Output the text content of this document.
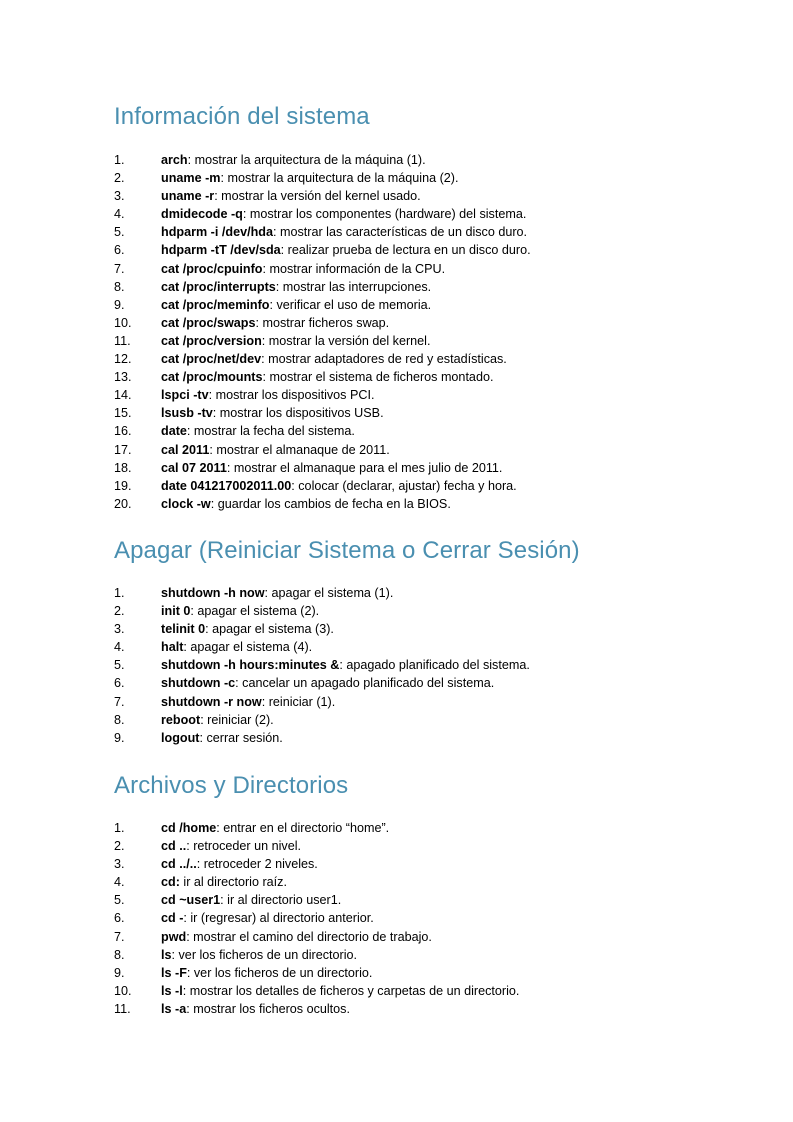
Información del sistema
1.	arch: mostrar la arquitectura de la máquina (1).
2.	uname -m: mostrar la arquitectura de la máquina (2).
3.	uname -r: mostrar la versión del kernel usado.
4.	dmidecode -q: mostrar los componentes (hardware) del sistema.
5.	hdparm -i /dev/hda: mostrar las características de un disco duro.
6.	hdparm -tT /dev/sda: realizar prueba de lectura en un disco duro.
7.	cat /proc/cpuinfo: mostrar información de la CPU.
8.	cat /proc/interrupts: mostrar las interrupciones.
9.	cat /proc/meminfo: verificar el uso de memoria.
10.	cat /proc/swaps: mostrar ficheros swap.
11.	cat /proc/version: mostrar la versión del kernel.
12.	cat /proc/net/dev: mostrar adaptadores de red y estadísticas.
13.	cat /proc/mounts: mostrar el sistema de ficheros montado.
14.	lspci -tv: mostrar los dispositivos PCI.
15.	lsusb -tv: mostrar los dispositivos USB.
16.	date: mostrar la fecha del sistema.
17.	cal 2011: mostrar el almanaque de 2011.
18.	cal 07 2011: mostrar el almanaque para el mes julio de 2011.
19.	date 041217002011.00: colocar (declarar, ajustar) fecha y hora.
20.	clock -w: guardar los cambios de fecha en la BIOS.
Apagar (Reiniciar Sistema o Cerrar Sesión)
1.	shutdown -h now: apagar el sistema (1).
2.	init 0: apagar el sistema (2).
3.	telinit 0: apagar el sistema (3).
4.	halt: apagar el sistema (4).
5.	shutdown -h hours:minutes &: apagado planificado del sistema.
6.	shutdown -c: cancelar un apagado planificado del sistema.
7.	shutdown -r now: reiniciar (1).
8.	reboot: reiniciar (2).
9.	logout: cerrar sesión.
Archivos y Directorios
1.	cd /home: entrar en el directorio “home”.
2.	cd ..: retroceder un nivel.
3.	cd ../..: retroceder 2 niveles.
4.	cd: ir al directorio raíz.
5.	cd ~user1: ir al directorio user1.
6.	cd -: ir (regresar) al directorio anterior.
7.	pwd: mostrar el camino del directorio de trabajo.
8.	ls: ver los ficheros de un directorio.
9.	ls -F: ver los ficheros de un directorio.
10.	ls -l: mostrar los detalles de ficheros y carpetas de un directorio.
11.	ls -a: mostrar los ficheros ocultos.
